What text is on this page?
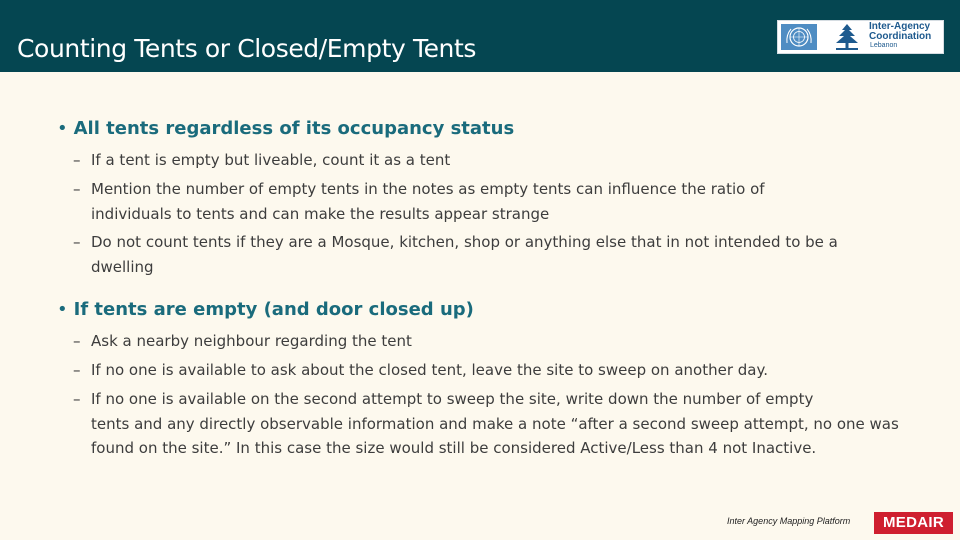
Counting Tents or Closed/Empty Tents
Inter-Agency
Coordination
Lebanon
• All tents regardless of its occupancy status
– If a tent is empty but liveable, count it as a tent
– Mention the number of empty tents in the notes as empty tents can influence the ratio of
individuals to tents and can make the results appear strange
– Do not count tents if they are a Mosque, kitchen, shop or anything else that in not intended to be a
dwelling
• If tents are empty (and door closed up)
– Ask a nearby neighbour regarding the tent
– If no one is available to ask about the closed tent, leave the site to sweep on another day.
– If no one is available on the second attempt to sweep the site, write down the number of empty
tents and any directly observable information and make a note “after a second sweep attempt, no one was found on the site.” In this case the size would still be considered Active/Less than 4 not Inactive.
Inter Agency Mapping Platform	MEDAIR
